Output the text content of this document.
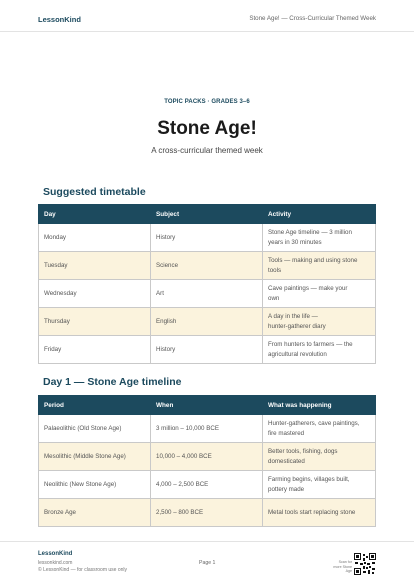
LessonKind	Stone Age! — Cross-Curricular Themed Week
TOPIC PACKS · GRADES 3–6
Stone Age!
A cross-curricular themed week
Suggested timetable
Day	Subject	Activity
Monday	History	Stone Age timeline — 3 million
years in 30 minutes
Tuesday	Science	Tools — making and using stone
tools
Wednesday	Art	Cave paintings — make your
own
Thursday	English	A day in the life —
hunter-gatherer diary
Friday	History	From hunters to farmers — the
agricultural revolution
Day 1 — Stone Age timeline
Period	When	What was happening
Palaeolithic (Old Stone Age)	3 million – 10,000 BCE	Hunter-gatherers, cave paintings,
fire mastered
Mesolithic (Middle Stone Age)	10,000 – 4,000 BCE	Better tools, fishing, dogs
domesticated
Neolithic (New Stone Age)	4,000 – 2,500 BCE	Farming begins, villages built,
pottery made
Bronze Age	2,500 – 800 BCE	Metal tools start replacing stone
LessonKind
lessonkind.com
© LessonKind — for classroom use only
Page 1	Scan for
more Stone Age
